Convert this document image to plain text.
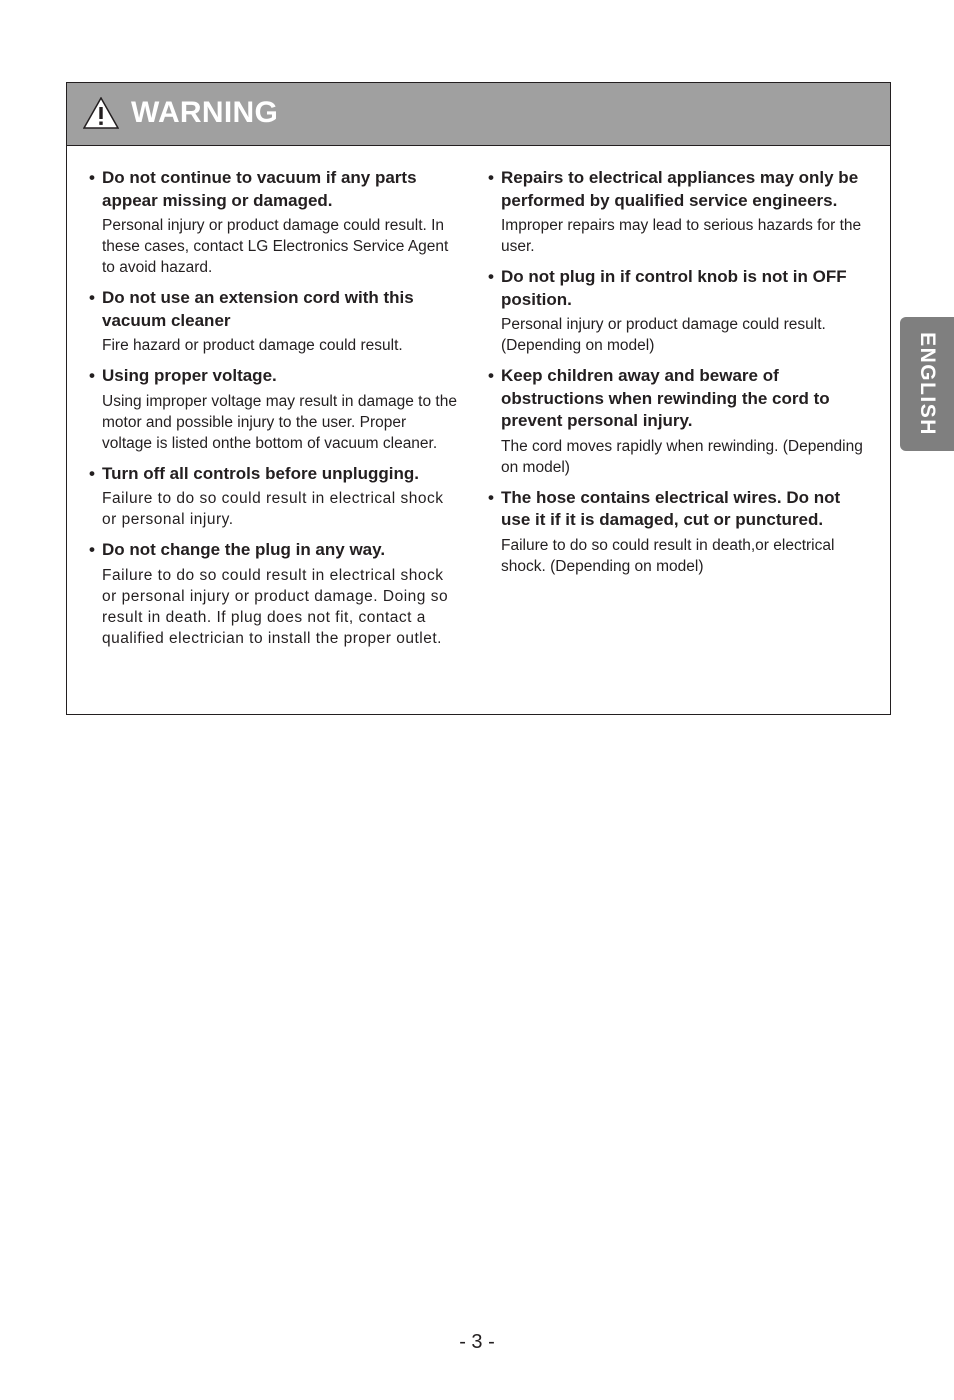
WARNING
• Do not continue to vacuum if any parts appear missing or damaged.
Personal injury or product damage could result. In these cases, contact LG Electronics Service Agent to avoid hazard.
• Do not use an extension cord with this vacuum cleaner
Fire hazard or product damage could result.
• Using proper voltage.
Using improper voltage may result in damage to the motor and possible injury to the user. Proper voltage is listed onthe bottom of vacuum cleaner.
• Turn off all controls before unplugging.
Failure to do so could result in electrical shock or personal injury.
• Do not change the plug in any way.
Failure to do so could result in electrical shock or personal injury or product damage. Doing so result in death. If plug does not fit, contact a qualified electrician to install the proper outlet.
• Repairs to electrical appliances may only be performed by qualified service engineers.
Improper repairs may lead to serious hazards for the user.
• Do not plug in if control knob is not in OFF position.
Personal injury or product damage could result. (Depending on model)
• Keep children away and beware of obstructions when rewinding the cord to prevent personal injury.
The cord moves rapidly when rewinding. (Depending on model)
• The hose contains electrical wires. Do not use it if it is damaged, cut or punctured.
Failure to do so could result in death,or electrical shock. (Depending on model)
ENGLISH
- 3 -
